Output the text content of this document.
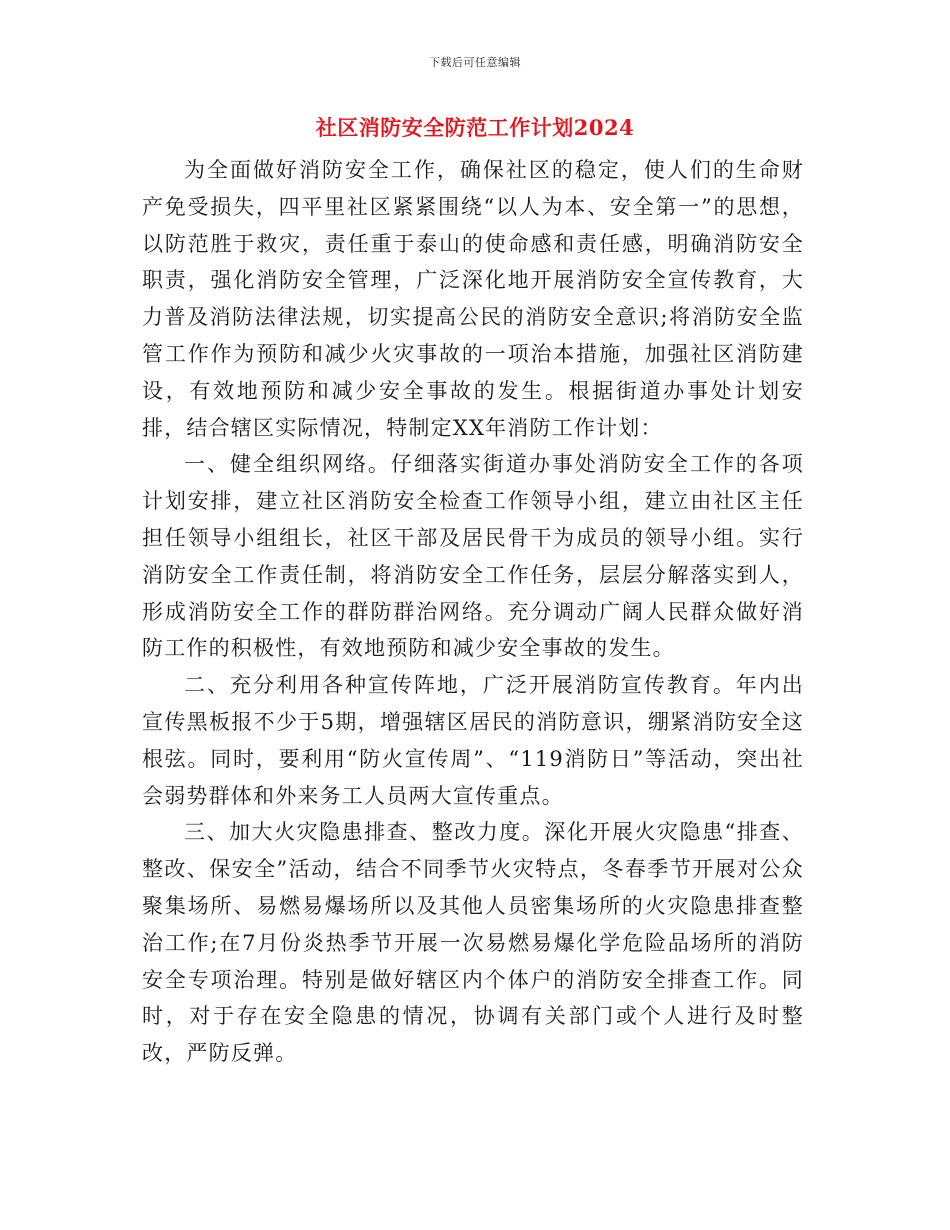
下载后可任意编辑
社区消防安全防范工作计划2024

为全面做好消防安全工作，确保社区的稳定，使人们的生命财产免受损失，四平里社区紧紧围绕“以人为本、安全第一”的思想，以防范胜于救灾，责任重于泰山的使命感和责任感，明确消防安全职责，强化消防安全管理，广泛深化地开展消防安全宣传教育，大力普及消防法律法规，切实提高公民的消防安全意识;将消防安全监管工作作为预防和减少火灾事故的一项治本措施，加强社区消防建设，有效地预防和减少安全事故的发生。根据街道办事处计划安排，结合辖区实际情况，特制定XX年消防工作计划：

一、健全组织网络。仔细落实街道办事处消防安全工作的各项计划安排，建立社区消防安全检查工作领导小组，建立由社区主任担任领导小组组长，社区干部及居民骨干为成员的领导小组。实行消防安全工作责任制，将消防安全工作任务，层层分解落实到人，形成消防安全工作的群防群治网络。充分调动广阔人民群众做好消防工作的积极性，有效地预防和减少安全事故的发生。

二、充分利用各种宣传阵地，广泛开展消防宣传教育。年内出宣传黑板报不少于5期，增强辖区居民的消防意识，绷紧消防安全这根弦。同时，要利用“防火宣传周”、“119消防日”等活动，突出社会弱势群体和外来务工人员两大宣传重点。

三、加大火灾隐患排查、整改力度。深化开展火灾隐患“排查、整改、保安全”活动，结合不同季节火灾特点，冬春季节开展对公众聚集场所、易燃易爆场所以及其他人员密集场所的火灾隐患排查整治工作;在7月份炎热季节开展一次易燃易爆化学危险品场所的消防安全专项治理。特别是做好辖区内个体户的消防安全排查工作。同时，对于存在安全隐患的情况，协调有关部门或个人进行及时整改，严防反弹。
